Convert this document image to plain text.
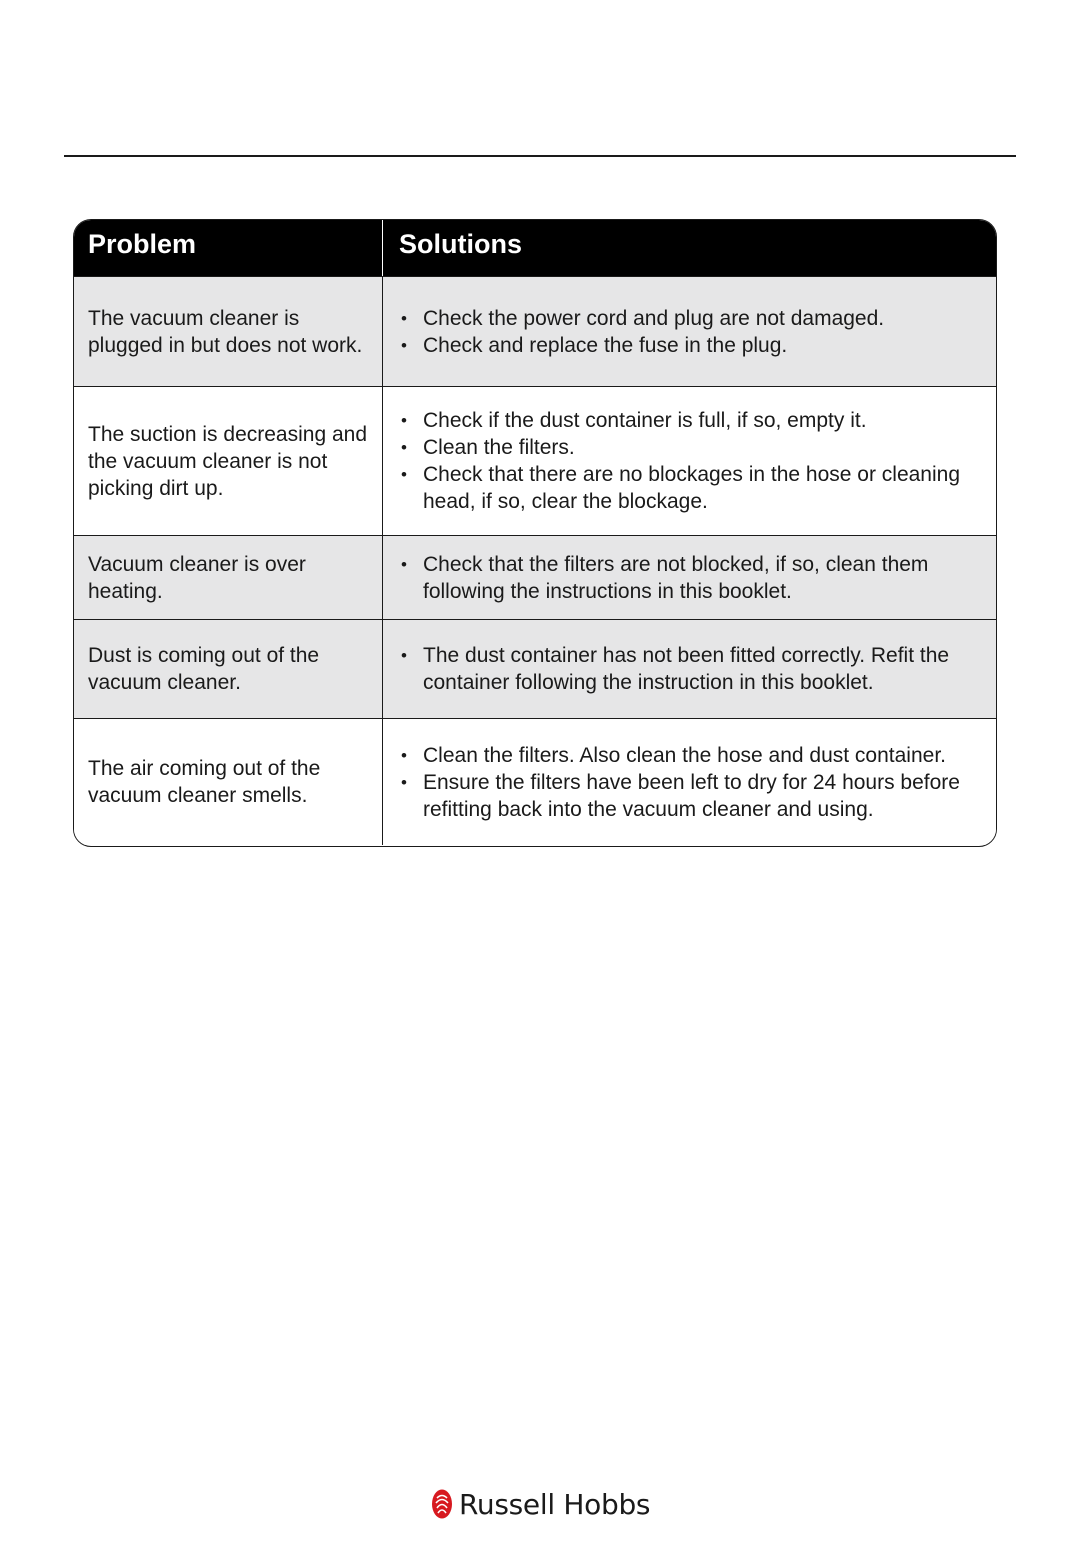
Problem	Solutions
The vacuum cleaner is plugged in but does not work.
• Check the power cord and plug are not damaged.
• Check and replace the fuse in the plug.
The suction is decreasing and the vacuum cleaner is not picking dirt up.
• Check if the dust container is full, if so, empty it.
• Clean the filters.
• Check that there are no blockages in the hose or cleaning head, if so, clear the blockage.
Vacuum cleaner is over heating.
• Check that the filters are not blocked, if so, clean them following the instructions in this booklet.
Dust is coming out of the vacuum cleaner.
• The dust container has not been fitted correctly. Refit the container following the instruction in this booklet.
The air coming out of the vacuum cleaner smells.
• Clean the filters. Also clean the hose and dust container.
• Ensure the filters have been left to dry for 24 hours before refitting back into the vacuum cleaner and using.
Russell Hobbs
